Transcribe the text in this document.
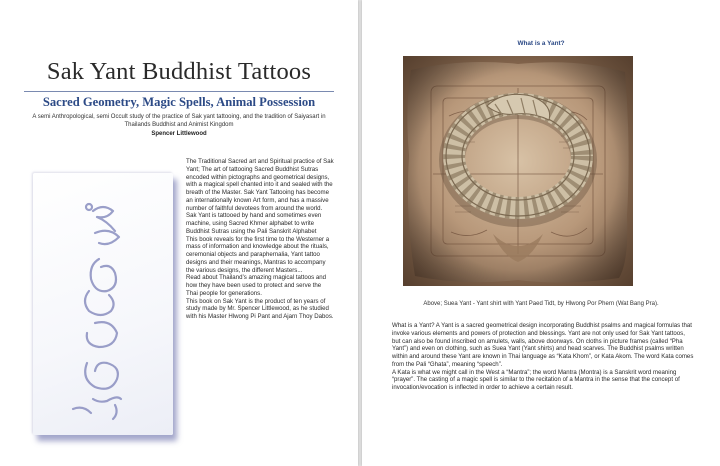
Sak Yant Buddhist Tattoos
Sacred Geometry, Magic Spells, Animal Possession
A semi Anthropological, semi Occult study of the practice of Sak yant tattooing, and the tradition of Saiyasart in Thailands Buddhist and Animist Kingdom
Spencer Littlewood

The Traditional Sacred art and Spiritual practice of Sak Yant; The art of tattooing Sacred Buddhist Sutras encoded within pictographs and geometrical designs, with a magical spell chanted into it and sealed with the breath of the Master. Sak Yant Tattooing has become an internationally known Art form, and has a massive number of faithful devotees from around the world.

Sak Yant is tattooed by hand and sometimes even machine, using Sacred Khmer alphabet to write Buddhist Sutras using the Pali Sanskrit Alphabet

This book reveals for the first time to the Westerner a mass of information and knowledge about the rituals, ceremonial objects and paraphernalia, Yant tattoo designs and their meanings, Mantras to accompany the various designs, the different Masters...

Read about Thailand’s amazing magical tattoos and how they have been used to protect and serve the Thai people for generations.

This book on Sak Yant is the product of ten years of study made by Mr. Spencer Littlewood, as he studied with his Master Hlwong Pi Pant and Ajarn Thoy Dabos.

What is a Yant?
Above; Suea Yant - Yant shirt with Yant Paed Tidt, by Hlwong Por Phern (Wat Bang Pra).

What is a Yant? A Yant is a sacred geometrical design incorporating Buddhist psalms and magical formulas that invoke various elements and powers of protection and blessings. Yant are not only used for Sak Yant tattoos, but can also be found inscribed on amulets, walls, above doorways. On cloths in picture frames (called “Pha Yant”) and even on clothing, such as Suea Yant (Yant shirts) and head scarves. The Buddhist psalms written within and around these Yant are known in Thai language as “Kata Khom”, or Kata Akom. The word Kata comes from the Pali “Ghata”, meaning “speech”.

A Kata is what we might call in the West a “Mantra”; the word Mantra (Montra) is a Sanskrit word meaning “prayer”. The casting of a magic spell is similar to the recitation of a Mantra in the sense that the concept of invocation/evocation is inflected in order to achieve a certain result.
